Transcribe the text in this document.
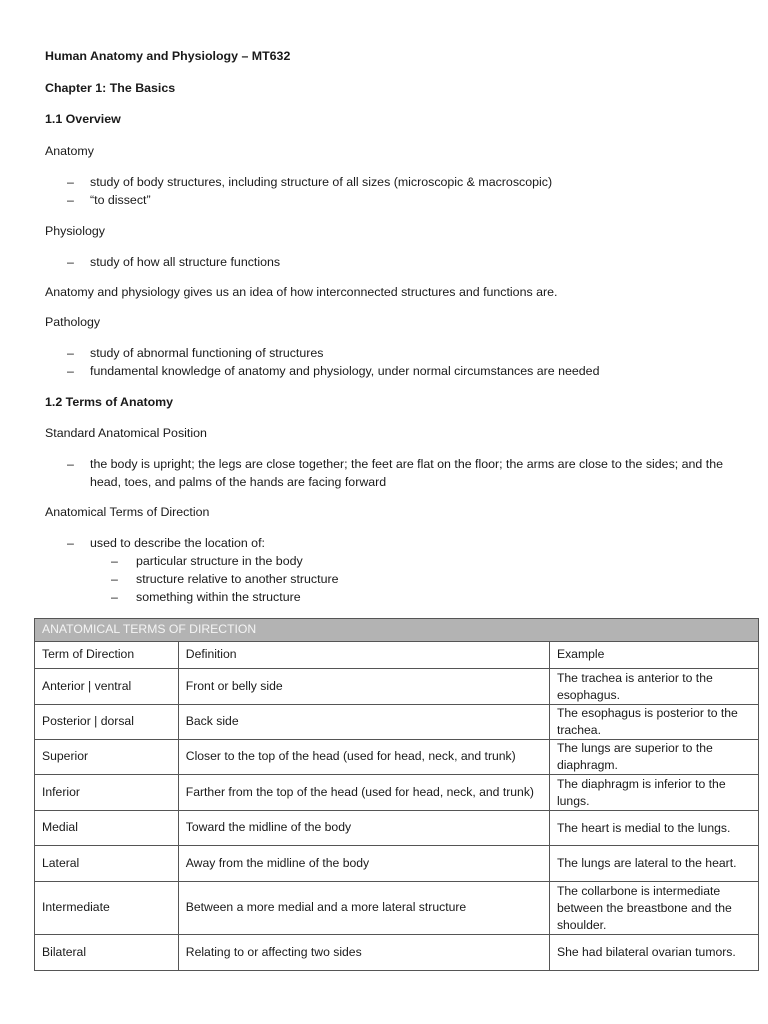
Human Anatomy and Physiology – MT632
Chapter 1: The Basics
1.1 Overview
Anatomy
– study of body structures, including structure of all sizes (microscopic & macroscopic)
– “to dissect”
Physiology
– study of how all structure functions
Anatomy and physiology gives us an idea of how interconnected structures and functions are.
Pathology
– study of abnormal functioning of structures
– fundamental knowledge of anatomy and physiology, under normal circumstances are needed
1.2 Terms of Anatomy
Standard Anatomical Position
– the body is upright; the legs are close together; the feet are flat on the floor; the arms are close to the sides; and the head, toes, and palms of the hands are facing forward
Anatomical Terms of Direction
– used to describe the location of:
– particular structure in the body
– structure relative to another structure
– something within the structure
ANATOMICAL TERMS OF DIRECTION		
Term of Direction	Definition	Example
Anterior | ventral	Front or belly side	The trachea is anterior to the esophagus.
Posterior | dorsal	Back side	The esophagus is posterior to the trachea.
Superior	Closer to the top of the head (used for head, neck, and trunk)	The lungs are superior to the diaphragm.
Inferior	Farther from the top of the head (used for head, neck, and trunk)	The diaphragm is inferior to the lungs.
Medial	Toward the midline of the body	The heart is medial to the lungs.
Lateral	Away from the midline of the body	The lungs are lateral to the heart.
Intermediate	Between a more medial and a more lateral structure	The collarbone is intermediate between the breastbone and the shoulder.
Bilateral	Relating to or affecting two sides	She had bilateral ovarian tumors.
